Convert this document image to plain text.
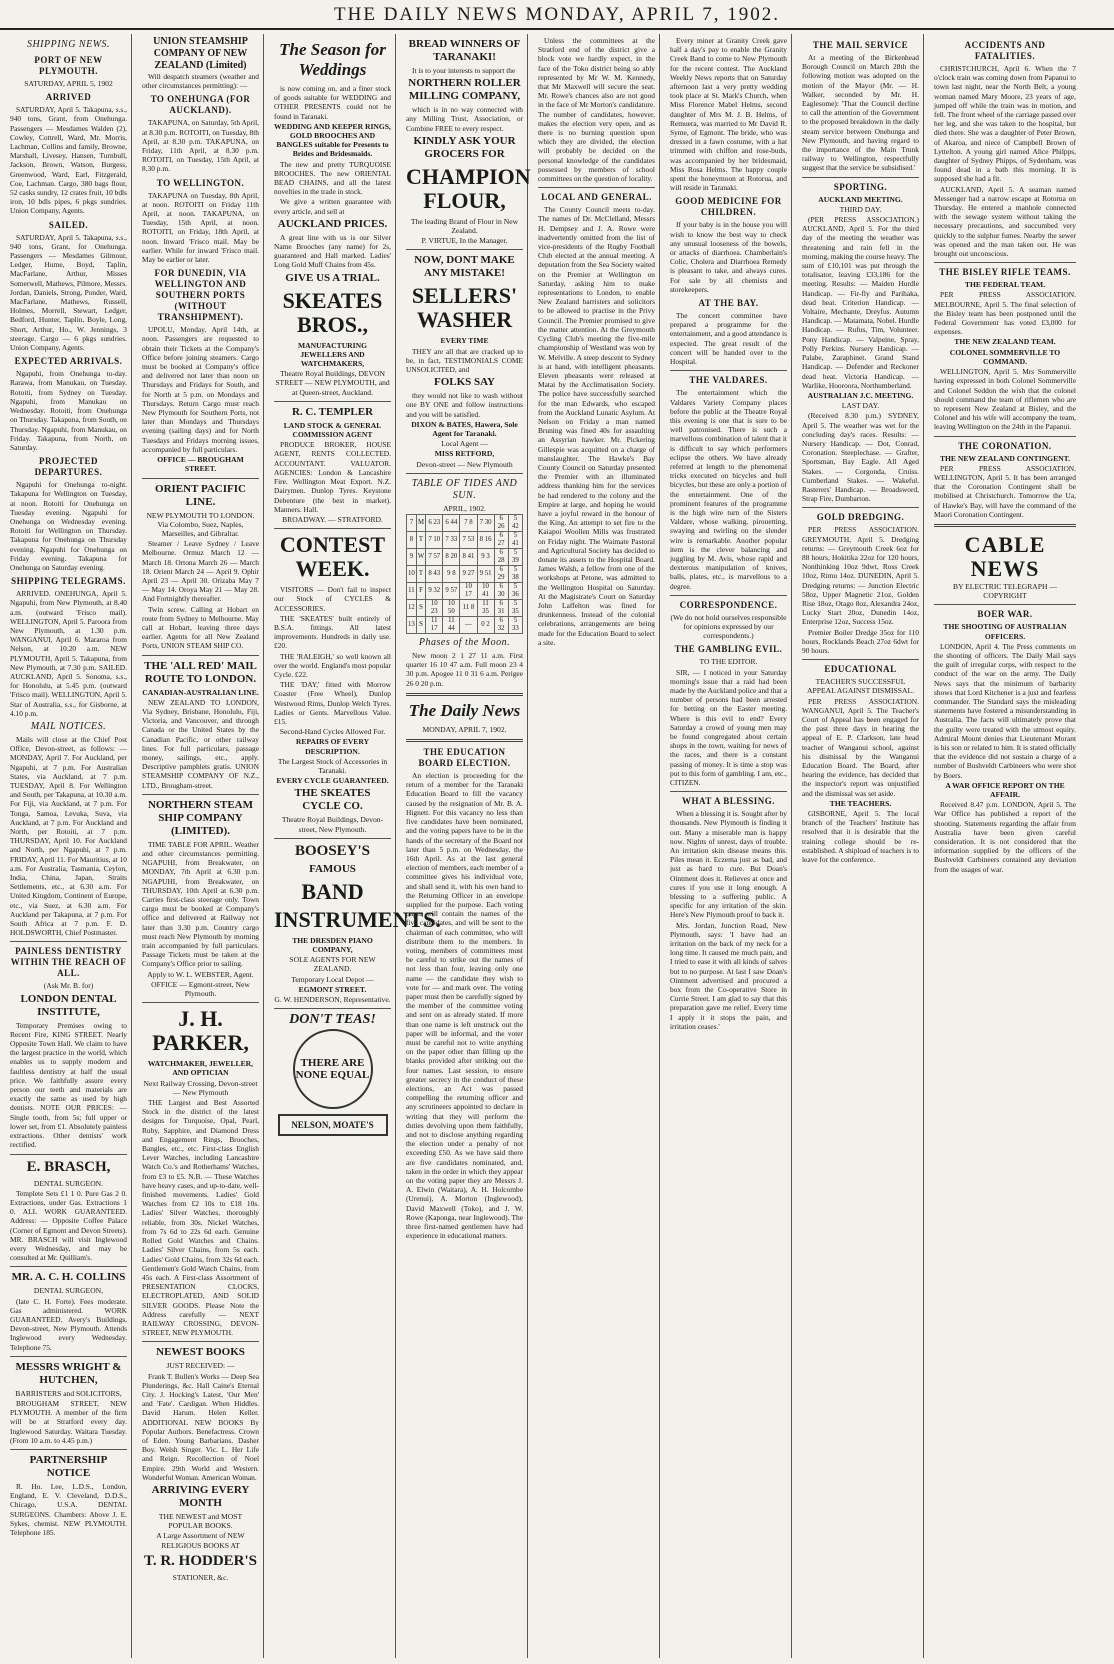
THE DAILY NEWS MONDAY, APRIL 7, 1902.
SHIPPING NEWS.
PORT OF NEW PLYMOUTH.
SATURDAY, APRIL 5, 1902
ARRIVED
SATURDAY, April 5. Takapuna, s.s., 940 tons, Grant, from Onehunga. Passengers — Mesdames Walden (2), Cowley, Cottrell, Ward, Mr. Morris, Lachman, Collins and family, Browne, Marshall, Livesey, Hansen, Turnbull, Jackson, Brown, Watson, Burgess, Greenwood, Ward, Earl, Fitzgerald, Coe, Lachman. Cargo, 380 bags flour, 52 casks sundry, 12 crates fruit, 10 bdls iron, 10 bdls pipes, 6 pkgs sundries. Union Company, Agents.
SAILED.
SATURDAY, April 5. Takapuna, s.s., 940 tons, Grant, for Onehunga. Passengers — Mesdames Gilmour, Ledger, Hume, Boyd, Taplin, MacFarlane, Arthur, Misses Somerwell, Mathews, Pilmore, Messrs. Jordan, Daniels, Strong, Ponder, Ward, MacFarlane, Mathews, Russell, Holmes, Morrell, Stewart, Ledger, Bedford, Hunter, Taplin, Boyle, Long, Short, Arthur, Ho., W. Jennings, 3 steerage. Cargo — 6 pkgs sundries. Union Company, Agents.
EXPECTED ARRIVALS.
Ngapuhi, from Onehunga to-day. Rarawa, from Manukau, on Tuesday. Rotoiti, from Sydney on Tuesday. Ngapuhi, from Manukau on Wednesday. Rotoiti, from Onehunga on Thursday. Takapuna, from South, on Thursday. Ngapuhi, from Manukau, on Friday. Takapuna, from North, on Saturday.
PROJECTED DEPARTURES.
Ngapuhi for Onehunga to-night. Takapuna for Wellington on Tuesday, at noon. Rotoiti for Onehunga on Tuesday evening. Ngapuhi for Onehunga on Wednesday evening. Rotoiti for Wellington on Thursday. Takapuna for Onehunga on Thursday evening. Ngapuhi for Onehunga on Friday evening. Takapuna for Onehunga on Saturday evening.
SHIPPING TELEGRAMS.
ARRIVED. ONEHUNGA, April 5. Ngapuhi, from New Plymouth, at 8.40 a.m. (outward 'Frisco mail). WELLINGTON, April 5. Paroora from New Plymouth, at 1.30 p.m. WANGANUI, April 6. Mararoa from Nelson, at 10.20 a.m. NEW PLYMOUTH, April 5. Takapuna, from New Plymouth, at 7.30 p.m. SAILED. AUCKLAND, April 5. Sonoma, s.s., for Honolulu, at 5.45 p.m. (outward 'Frisco mail). WELLINGTON, April 5. Star of Australia, s.s., for Gisborne, at 4.10 p.m.
MAIL NOTICES.
Mails will close at the Chief Post Office, Devon-street, as follows: — MONDAY, April 7. For Auckland, per Ngapuhi, at 7 p.m. For Australian States, via Auckland, at 7 p.m. TUESDAY, April 8. For Wellington and South, per Takapuna, at 10.30 a.m. For Fiji, via Auckland, at 7 p.m. For Tonga, Samoa, Levuka, Suva, via Auckland, at 7 p.m. For Auckland and North, per Rotoiti, at 7 p.m. THURSDAY, April 10. For Auckland and North, per Ngapuhi, at 7 p.m. FRIDAY, April 11. For Mauritius, at 10 a.m. For Australia, Tasmania, Ceylon, India, China, Japan, Straits Settlements, etc., at 6.30 a.m. For United Kingdom, Continent of Europe, etc., via Suez, at 6.30 a.m. For Auckland per Takapuna, at 7 p.m. For South Africa at 7 p.m. F. D. HOLDSWORTH, Chief Postmaster.
PAINLESS DENTISTRY WITHIN THE REACH OF ALL.
(Ask Mr. B. for)
LONDON DENTAL INSTITUTE,
Temporary Premises owing to Recent Fire, KING STREET. Nearly Opposite Town Hall. We claim to have the largest practice in the world, which enables us to supply modern and faultless dentistry at half the usual price. We faithfully assure every person our teeth and materials are exactly the same as used by high dentists. NOTE OUR PRICES: — Single tooth, from 5s; full upper or lower set, from £1. Absolutely painless extractions. Other dentists' work rectified.
E. BRASCH,
DENTAL SURGEON.
Templete Sets £1 1 0. Pure Gas 2 0. Extractions, under Gas. Extractions 1 0. ALL WORK GUARANTEED. Address: — Opposite Coffee Palace (Corner of Egmont and Devon Streets). MR. BRASCH will visit Inglewood every Wednesday, and may be consulted at Mr. Quilliam's.
MR. A. C. H. COLLINS
DENTAL SURGEON,
(late C. H. Forte). Fees moderate. Gas administered. WORK GUARANTEED. Avery's Buildings, Devon-street, New Plymouth. Attends Inglewood every Wednesday. Telephone 75.
MESSRS WRIGHT & HUTCHEN,
BARRISTERS and SOLICITORS,
BROUGHAM STREET, NEW PLYMOUTH. A member of the firm will be at Stratford every day. Inglewood Saturday. Waitara Tuesday. (From 10 a.m. to 4.45 p.m.)
PARTNERSHIP NOTICE
R. Ho. Lee, L.D.S., London, England, E. V. Cleveland, D.D.S., Chicago, U.S.A. DENTAL SURGEONS. Chambers: Above J. E. Sykes, chemist. NEW PLYMOUTH. Telephone 185.
UNION STEAMSHIP COMPANY OF NEW ZEALAND (Limited)
Will despatch steamers (weather and other circumstances permitting): —
TO ONEHUNGA (FOR AUCKLAND).
TAKAPUNA, on Saturday, 5th April, at 8.30 p.m. ROTOITI, on Tuesday, 8th April, at 8.30 p.m. TAKAPUNA, on Friday, 11th April, at 8.30 p.m. ROTOITI, on Tuesday, 15th April, at 8.30 p.m.
TO WELLINGTON.
TAKAPUNA on Tuesday, 8th April, at noon. ROTOITI on Friday 11th April, at noon. TAKAPUNA, on Tuesday, 15th April, at noon. ROTOITI, on Friday, 18th April, at noon. Inward 'Frisco mail. May be earlier. While for inward 'Frisco mail. May be earlier or later.
FOR DUNEDIN, VIA WELLINGTON AND SOUTHERN PORTS (WITHOUT TRANSHIPMENT).
UPOLU, Monday, April 14th, at noon. Passengers are requested to obtain their Tickets at the Company's Office before joining steamers. Cargo must be booked at Company's office and delivered not later than noon on Thursdays and Fridays for South, and for North at 5 p.m. on Mondays and Thursdays. Return Cargo must reach New Plymouth for Southern Ports, not later than Mondays and Thursdays evening (sailing days) and for North Tuesdays and Fridays morning issues, accompanied by full particulars.
OFFICE — BROUGHAM STREET.
ORIENT PACIFIC LINE.
NEW PLYMOUTH TO LONDON. Via Colombo, Suez, Naples, Marseilles, and Gibraltar.
Steamer / Leave Sydney / Leave Melbourne. Ormuz March 12 — March 18. Ortona March 26 — March 18. Orient March 24 — April 9. Ophir April 23 — April 30. Orizaba May 7 — May 14. Oroya May 21 — May 28. And Fortnightly thereafter.
Twin screw. Calling at Hobart en route from Sydney to Melbourne. May call at Hobart, leaving three days earlier. Agents for all New Zealand Ports, UNION STEAM SHIP CO.
THE 'ALL RED' MAIL ROUTE TO LONDON.
CANADIAN-AUSTRALIAN LINE.
NEW ZEALAND TO LONDON, Via Sydney, Brisbane, Honolulu, Fiji, Victoria, and Vancouver, and through Canada or the United States by the Canadian Pacific, or other railway lines. For full particulars, passage money, sailings, etc., apply. Descriptive pamphlets gratis. UNION STEAMSHIP COMPANY OF N.Z., LTD., Brougham-street.
NORTHERN STEAM SHIP COMPANY (LIMITED).
TIME TABLE FOR APRIL. Weather and other circumstances permitting. NGAPUHI, from Breakwater, on MONDAY, 7th April at 6.30 p.m. NGAPUHI, from Breakwater, on THURSDAY, 10th April at 6.30 p.m. Carries first-class steerage only. Town cargo must be booked at Company's office and delivered at Railway not later than 3.30 p.m. Country cargo must reach New Plymouth by morning train accompanied by full particulars. Passage Tickets must be taken at the Company's Office prior to sailing.
Apply to W. L. WEBSTER, Agent.
OFFICE — Egmont-street, New Plymouth.
J. H. PARKER,
WATCHMAKER, JEWELLER, AND OPTICIAN
Next Railway Crossing, Devon-street — New Plymouth
THE Largest and Best Assorted Stock in the district of the latest designs for Turquoise, Opal, Pearl, Ruby, Sapphire, and Diamond Dress and Engagement Rings, Brooches, Bangles, etc., etc. First-class English Lever Watches, including Lancashire Watch Co.'s and Rotherhams' Watches, from £3 to £5. N.B. — These Watches have heavy cases, and up-to-date, well-finished movements. Ladies' Gold Watches from £2 10s to £18 10s. Ladies' Silver Watches, thoroughly reliable, from 30s. Nickel Watches, from 7s 6d to 22s 6d each. Genuine Rolled Gold Watches and Chains. Ladies' Silver Chains, from 5s each. Ladies' Gold Chains, from 32s 6d each. Gentlemen's Gold Watch Chains, from 45s each. A First-class Assortment of PRESENTATION CLOCKS, ELECTROPLATED, AND SOLID SILVER GOODS. Please Note the Address carefully — NEXT RAILWAY CROSSING, DEVON-STREET, NEW PLYMOUTH.
NEWEST BOOKS
JUST RECEIVED: —
Frank T. Bullen's Works — Deep Sea Plunderings, &c. Hall Caine's Eternal City. J. Hocking's Latest, 'Our Men' and 'Fate'. Cardigan. When Hiddles. David Harum. Helen Keller. ADDITIONAL NEW BOOKS By Popular Authors. Benefactress. Crown of Eden. Young Barbarians. Dasher Boy. Welsh Singer. Vic. L. Her Life and Reign. Recollection of Noel Empire. 29th World and Western. Wonderful Woman. American Woman.
ARRIVING EVERY MONTH
THE NEWEST and MOST POPULAR BOOKS.
A Large Assortment of NEW RELIGIOUS BOOKS AT
T. R. HODDER'S
STATIONER, &c.
The Season for Weddings
is now coming on, and a finer stock of goods suitable for WEDDING and OTHER PRESENTS could not be found in Taranaki.
WEDDING AND KEEPER RINGS, GOLD BROOCHES AND BANGLES suitable for Presents to Brides and Bridesmaids.
The new and pretty TURQUOISE BROOCHES. The new ORIENTAL BEAD CHAINS, and all the latest novelties in the trade in stock.
We give a written guarantee with every article, and sell at
AUCKLAND PRICES.
A great line with us is our Silver Name Brooches (any name) for 2s, guaranteed and Hall marked. Ladies' Long Gold Muff Chains from 45s.
GIVE US A TRIAL.
SKEATES BROS.,
MANUFACTURING JEWELLERS AND WATCHMAKERS,
Theatre Royal Buildings, DEVON STREET — NEW PLYMOUTH, and at Queen-street, Auckland.
R. C. TEMPLER
LAND STOCK & GENERAL COMMISSION AGENT
PRODUCE BROKER, HOUSE AGENT, RENTS COLLECTED. ACCOUNTANT. VALUATOR. AGENCIES: London & Lancashire Fire. Wellington Meat Export. N.Z. Dairymen. Dunlop Tyres. Keystone Debenture (the best in market). Manners. Hall.
BROADWAY. — STRATFORD.
CONTEST WEEK.
VISITORS — Don't fail to inspect our Stock of CYCLES & ACCESSORIES.
THE 'SKEATES' built entirely of B.S.A. fittings. All latest improvements. Hundreds in daily use. £20.
THE 'RALEIGH,' so well known all over the world. England's most popular Cycle. £22.
THE 'DAY,' fitted with Morrow Coaster (Free Wheel), Dunlop Westwood Rims, Dunlop Welch Tyres. Ladies or Gents. Marvellous Value. £15.
Second-Hand Cycles Allowed For.
REPAIRS OF EVERY DESCRIPTION.
The Largest Stock of Accessories in Taranaki.
EVERY CYCLE GUARANTEED.
THE SKEATES CYCLE CO.
Theatre Royal Buildings, Devon-street, New Plymouth.
BOOSEY'S
FAMOUS
BAND
INSTRUMENTS.
THE DRESDEN PIANO COMPANY,
SOLE AGENTS FOR NEW ZEALAND.
Temporary Local Depot —
EGMONT STREET.
G. W. HENDERSON, Representative.
DON'T TEAS!
THERE ARE NONE EQUAL
NELSON, MOATE'S
BREAD WINNERS OF TARANAKI!
It is to your interests to support the
NORTHERN ROLLER MILLING COMPANY,
which is in no way connected with any Milling Trust, Association, or Combine FREE to every respect.
KINDLY ASK YOUR GROCERS FOR
CHAMPION FLOUR,
The leading Brand of Flour in New Zealand.
P. VIRTUE, In the Manager.
NOW, DONT MAKE ANY MISTAKE!
SELLERS' WASHER
EVERY TIME
THEY are all that are cracked up to be, in fact, TESTIMONIALS COME UNSOLICITED, and
FOLKS SAY
they would not like to wash without one BY ONE and follow instructions and you will be satisfied.
DIXON & BATES, Hawera, Sole Agent for Taranaki.
Local Agent —
MISS RETFORD,
Devon-street — New Plymouth
TABLE OF TIDES AND SUN.
APRIL, 1902.
7	M	6 23	6 44	7 8	7 30	6 26	5 42
8	T	7 10	7 33	7 53	8 16	6 27	5 41
9	W	7 57	8 20	8 41	9 3	6 28	5 39
10	T	8 43	9 8	9 27	9 51	6 29	5 38
11	F	9 32	9 57	10 17	10 41	6 30	5 36
12	S	10 23	10 50	11 8	11 35	6 31	5 35
13	S	11 17	11 44	—	0 2	6 32	5 33
Phases of the Moon.
New moon 2 1 27 11 a.m. First quarter 16 10 47 a.m. Full moon 23 4 30 p.m. Apogee 11 0 31 6 a.m. Perigee 26 0 20 p.m.
The Daily News
MONDAY, APRIL 7, 1902.
THE EDUCATION BOARD ELECTION.
An election is proceeding for the return of a member for the Taranaki Education Board to fill the vacancy caused by the resignation of Mr. B. A. Hignett. For this vacancy no less than five candidates have been nominated, and the voting papers have to be in the hands of the secretary of the Board not later than 5 p.m. on Wednesday, the 16th April. As at the last general election of members, each member of a committee gives his individual vote, and shall send it, with his own hand to the Returning Officer in an envelope supplied for the purpose. Each voting paper will contain the names of the five candidates, and will be sent to the chairman of each committee, who will distribute them to the members. In voting, members of committees must be careful to strike out the names of not less than four, leaving only one name — the candidate they wish to vote for — and mark over. The voting paper must then be carefully signed by the member of the committee voting and sent on as already stated. If more than one name is left unstruck out the paper will be informal, and the voter must be careful not to write anything on the paper other than filling up the blanks provided after striking out the four names. Last session, to ensure greater secrecy in the conduct of these elections, an Act was passed compelling the returning officer and any scrutineers appointed to declare in writing that they will perform the duties devolving upon them faithfully, and not to disclose anything regarding the election under a penalty of not exceeding £50. As we have said there are five candidates nominated, and, taken in the order in which they appear on the voting paper they are Messrs J. A. Elwin (Waitara), A. H. Holcombe (Urenui), A. Morton (Inglewood), David Maxwell (Toko), and J. W. Rowe (Kaponga, near Inglewood). The three first-named gentlemen have had experience in educational matters.
Unless the committees at the Stratford end of the district give a block vote we hardly expect, in the face of the Toko district being so ably represented by Mr W. M. Kennedy, that Mr Maxwell will secure the seat. Mr. Rowe's chances also are not good in the face of Mr Morton's candidature. The number of candidates, however, makes the election very open, and as there is no burning question upon which they are divided, the election will probably be decided on the personal knowledge of the candidates possessed by members of school committees on the question of locality.
LOCAL AND GENERAL.
The County Council meets to-day. The names of Dr. McClelland, Messrs H. Dempsey and J. A. Rowe were inadvertently omitted from the list of vice-presidents of the Rugby Football Club elected at the annual meeting. A deputation from the Sea Society waited on the Premier at Wellington on Saturday, asking him to make representations to London, to enable New Zealand barristers and solicitors to be allowed to practise in the Privy Council. The Premier promised to give the matter attention. At the Greymouth Cycling Club's meeting the five-mile championship of Westland was won by W. Melville. A steep descent to Sydney is at hand, with intelligent pheasants. Eleven pheasants were released at Matai by the Acclimatisation Society. The police have successfully searched for the man Edwards, who escaped from the Auckland Lunatic Asylum. At Nelson on Friday a man named Bruning was fined 40s for assaulting an Assyrian hawker. Mr. Pickering Gillespie was acquitted on a charge of manslaughter. The Hawke's Bay County Council on Saturday presented the Premier with an illuminated address thanking him for the services he had rendered to the colony and the Empire at large, and hoping he would have a joyful reward in the honour of the King. An attempt to set fire to the Kaiapoi Woollen Mills was frustrated on Friday night. The Waimate Pastoral and Agricultural Society has decided to donate its assets to the Hospital Board. James Walsh, a fellow from one of the workshops at Petone, was admitted to the Wellington Hospital on Saturday. At the Magistrate's Court on Saturday John Laffelton was fined for drunkenness. Instead of the colonial celebrations, arrangements are being made for the Education Board to select a site.
Every miner at Granity Creek gave half a day's pay to enable the Granity Creek Band to come to New Plymouth for the recent contest. The Auckland Weekly News reports that on Saturday afternoon last a very pretty wedding took place at St. Mark's Church, when Miss Florence Mabel Helms, second daughter of Mrs M. J. B. Helms, of Remuera, was married to Mr David R. Syme, of Egmont. The bride, who was dressed in a fawn costume, with a hat trimmed with chiffon and rose-buds, was accompanied by her bridesmaid, Miss Rosa Helms. The happy couple spent the honeymoon at Rotorua, and will reside in Taranaki.
GOOD MEDICINE FOR CHILDREN.
If your baby is in the house you will wish to know the best way to check any unusual looseness of the bowels, or attacks of diarrhoea. Chamberlain's Colic, Cholera and Diarrhoea Remedy is pleasant to take, and always cures. For sale by all chemists and storekeepers.
AT THE BAY.
The concert committee have prepared a programme for the entertainment, and a good attendance is expected. The great result of the concert will be handed over to the Hospital.
THE VALDARES.
The entertainment which the Valdares Variety Company places before the public at the Theatre Royal this evening is one that is sure to be well patronised. There is such a marvellous combination of talent that it is difficult to say which performers eclipse the others. We have already referred at length to the phenomenal tricks executed on bicycles and bull bicycles, but these are only a portion of the entertainment. One of the prominent features of the programme is the high wire turn of the Sisters Valdare, whose walking, pirouetting, swaying and twirling on the slender wire is remarkable. Another popular item is the clever balancing and juggling by M. Avis, whose rapid and dexterous manipulation of knives, balls, plates, etc., is marvellous to a degree.
CORRESPONDENCE.
(We do not hold ourselves responsible for opinions expressed by our correspondents.)
THE GAMBLING EVIL.
TO THE EDITOR.
SIR, — I noticed in your Saturday morning's issue that a raid had been made by the Auckland police and that a number of persons had been arrested for betting on the Easter meeting. Where is this evil to end? Every Saturday a crowd of young men may be found congregated about certain shops in the town, waiting for news of the races, and there is a constant passing of money. It is time a stop was put to this form of gambling. I am, etc., CITIZEN.
WHAT A BLESSING.
When a blessing it is. Sought after by thousands. New Plymouth is finding it out. Many a miserable man is happy now. Nights of unrest, days of trouble. An irritation skin disease means this. Piles mean it. Eczema just as bad, and just as hard to cure. But Doan's Ointment does it. Relieves at once and cures if you use it long enough. A blessing to a suffering public. A specific for any irritation of the skin. Here's New Plymouth proof to back it.
Mrs. Jordan, Junction Road, New Plymouth, says: 'I have had an irritation on the back of my neck for a long time. It caused me much pain, and I tried to ease it with all kinds of salves but to no purpose. At last I saw Doan's Ointment advertised and procured a box from the Co-operative Store in Currie Street. I am glad to say that this preparation gave me relief. Every time I apply it it stops the pain, and irritation ceases.'
THE MAIL SERVICE
At a meeting of the Birkenhead Borough Council on March 28th the following motion was adopted on the motion of the Mayor (Mr. — H. Walker, seconded by Mr. H. Eaglesome): 'That the Council decline to call the attention of the Government to the proposed breakdown in the daily steam service between Onehunga and New Plymouth, and having regard to the importance of the Main Trunk railway to Wellington, respectfully suggest that the service be subsidised.'
SPORTING.
AUCKLAND MEETING.
THIRD DAY.
(PER PRESS ASSOCIATION.) AUCKLAND, April 5. For the third day of the meeting the weather was threatening and rain fell in the morning, making the course heavy. The sum of £10,101 was put through the totalisator, leaving £33,186 for the meeting. Results: — Maiden Hurdle Handicap. — Fir-fly and Parihaka, dead heat. Criterion Handicap. — Voltaire, Mechante, Dreyfus. Autumn Handicap. — Matamata, Nobel. Hurdle Handicap. — Rufus, Tim, Volunteer. Pony Handicap. — Valpeine, Spray, Polly Perkins. Nursery Handicap. — Palabe, Zaraphinet. Grand Stand Handicap. — Defender and Reckoner dead heat. Victoria Handicap. — Warlike, Hooroora, Northumberland.
AUSTRALIAN J.C. MEETING.
LAST DAY.
(Received 8.30 p.m.) SYDNEY, April 5. The weather was wet for the concluding day's races. Results: — Nursery Handicap. — Dot, Conrad, Coronation. Steeplechase. — Grafter, Sportsman, Bay Eagle. All Aged Stakes. — Corgonda, Cruiss. Cumberland Stakes. — Wakeful. Rasterers' Handicap. — Broadsword, Strap Fire, Dumbarton.
GOLD DREDGING.
PER PRESS ASSOCIATION. GREYMOUTH, April 5. Dredging returns: — Greymouth Creek 6oz for 88 hours, Hokitika 22oz for 120 hours, Nonthinking 10oz 9dwt, Ross Creek 10oz, Rimu 14oz. DUNEDIN, April 5. Dredging returns: — Junction Electric 58oz, Upper Magnetic 21oz, Golden Rise 18oz, Otago 8oz, Alexandra 24oz, Lucky Start 20oz, Dunedin 14oz, Enterprise 12oz, Success 15oz.
Premier Boiler Dredge 35oz for 110 hours, Rocklands Beach 27oz 6dwt for 90 hours.
EDUCATIONAL
TEACHER'S SUCCESSFUL APPEAL AGAINST DISMISSAL.
PER PRESS ASSOCIATION. WANGANUI, April 5. The Teacher's Court of Appeal has been engaged for the past three days in hearing the appeal of E. P. Clarkson, late head teacher of Wanganui school, against his dismissal by the Wanganui Education Board. The Board, after hearing the evidence, has decided that the inspector's report was unjustified and the dismissal was set aside.
THE TEACHERS.
GISBORNE, April 5. The local branch of the Teachers' Institute has resolved that it is desirable that the training college should be re-established. A shipload of teachers is to leave for the conference.
ACCIDENTS AND FATALITIES.
CHRISTCHURCH, April 6. When the 7 o'clock train was coming down from Papanui to town last night, near the North Belt, a young woman named Mary Moore, 23 years of age, jumped off while the train was in motion, and fell. The front wheel of the carriage passed over her leg, and she was taken to the hospital, but died there. She was a daughter of Peter Brown, of Akaroa, and niece of Campbell Brown of Lyttelton. A young girl named Alice Philpps, daughter of Sydney Phipps, of Sydenham, was found dead in a bath this morning. It is supposed she had a fit.
AUCKLAND, April 5. A seaman named Messenger had a narrow escape at Rotorua on Thursday. He entered a manhole connected with the sewage system without taking the necessary precautions, and succumbed very quickly to the sulphur fumes. Nearby the sewer was opened and the man taken out. He was brought out unconscious.
THE BISLEY RIFLE TEAMS.
THE FEDERAL TEAM.
PER PRESS ASSOCIATION. MELBOURNE, April 5. The final selection of the Bisley team has been postponed until the Federal Government has voted £3,000 for expenses.
THE NEW ZEALAND TEAM.
COLONEL SOMMERVILLE TO COMMAND.
WELLINGTON, April 5. Mrs Sommerville having expressed in both Colonel Sommerville and Colonel Seddon the wish that the colonel should command the team of riflemen who are to represent New Zealand at Bisley, and the Colonel and his wife will accompany the team, leaving Wellington on the 24th in the Papanui.
THE CORONATION.
THE NEW ZEALAND CONTINGENT.
PER PRESS ASSOCIATION. WELLINGTON, April 5. It has been arranged that the Coronation Contingent shall be mobilised at Christchurch. Tomorrow the Ua, of Hawke's Bay, will have the command of the Maori Coronation Contingent.
CABLE NEWS
BY ELECTRIC TELEGRAPH — COPYRIGHT
BOER WAR.
THE SHOOTING OF AUSTRALIAN OFFICERS.
LONDON, April 4. The Press comments on the shooting of officers. The Daily Mail says the guilt of irregular corps, with respect to the conduct of the war on the army. The Daily News says that the minimum of barbarity shows that Lord Kitchener is a just and fearless commander. The Standard says the misleading statements have fostered a misunderstanding in Australia. The facts will ultimately prove that the guilty were treated with the utmost equity. Admiral Mount denies that Lieutenant Morant is his son or related to him. It is stated officially that the evidence did not sustain a charge of a number of Bushveldt Carbineers who were shot by Boers.
A WAR OFFICE REPORT ON THE AFFAIR.
Received 8.47 p.m. LONDON, April 5. The War Office has published a report of the shooting. Statements regarding the affair from Australia have been given careful consideration. It is not considered that the information supplied by the officers of the Bushveldt Carbineers contained any deviation from the usages of war.
